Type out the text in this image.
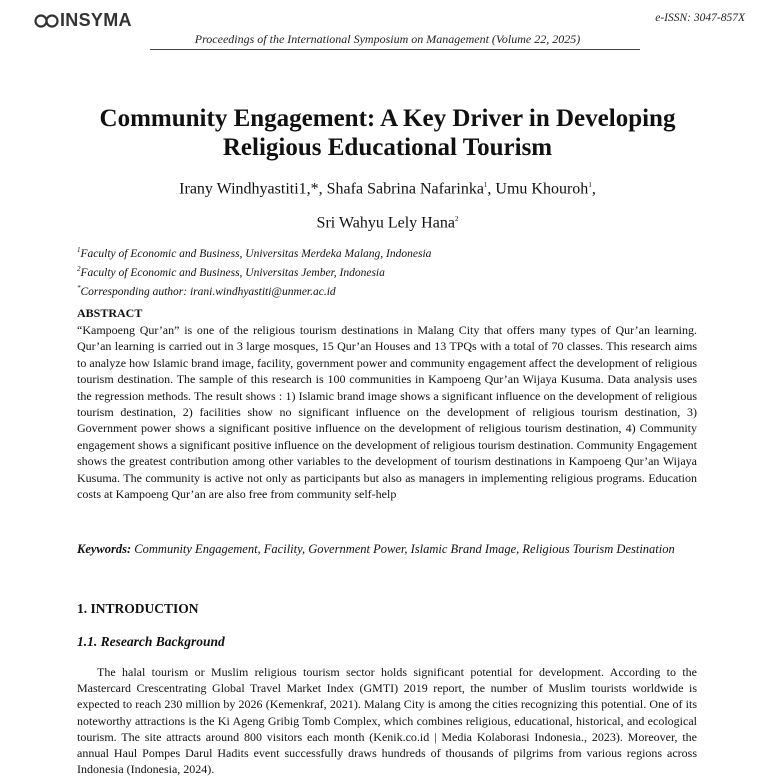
INSYMA	e-ISSN: 3047-857X
Proceedings of the International Symposium on Management (Volume 22, 2025)
Community Engagement: A Key Driver in Developing
Religious Educational Tourism
Irany Windhyastiti1,*, Shafa Sabrina Nafarinka$^1$, Umu Khouroh$^1$,
Sri Wahyu Lely Hana$^2$
$^1$Faculty of Economic and Business, Universitas Merdeka Malang, Indonesia
$^2$Faculty of Economic and Business, Universitas Jember, Indonesia
*Corresponding author: irani.windhyastiti@unmer.ac.id
ABSTRACT

“Kampoeng Qur’an” is one of the religious tourism destinations in Malang City that offers many types of Qur’an learning. Qur’an learning is carried out in 3 large mosques, 15 Qur’an Houses and 13 TPQs with a total of 70 classes. This research aims to analyze how Islamic brand image, facility, government power and community engagement affect the development of religious tourism destination. The sample of this research is 100 communities in Kampoeng Qur’an Wijaya Kusuma. Data analysis uses the regression methods. The result shows : 1) Islamic brand image shows a significant influence on the development of religious tourism destination, 2) facilities show no significant influence on the development of religious tourism destination, 3) Government power shows a significant positive influence on the development of religious tourism destination, 4) Community engagement shows a significant positive influence on the development of religious tourism destination. Community Engagement shows the greatest contribution among other variables to the development of tourism destinations in Kampoeng Qur’an Wijaya Kusuma. The community is active not only as participants but also as managers in implementing religious programs. Education costs at Kampoeng Qur’an are also free from community self-help

Keywords: Community Engagement, Facility, Government Power, Islamic Brand Image, Religious Tourism Destination

1. INTRODUCTION
1.1. Research Background

The halal tourism or Muslim religious tourism sector holds significant potential for development. According to the Mastercard Crescentrating Global Travel Market Index (GMTI) 2019 report, the number of Muslim tourists worldwide is expected to reach 230 million by 2026 (Kemenkraf, 2021). Malang City is among the cities recognizing this potential. One of its noteworthy attractions is the Ki Ageng Gribig Tomb Complex, which combines religious, educational, historical, and ecological tourism. The site attracts around 800 visitors each month (Kenik.co.id | Media Kolaborasi Indonesia., 2023). Moreover, the annual Haul Pompes Darul Hadits event successfully draws hundreds of thousands of pilgrims from various regions across Indonesia (Indonesia, 2024).
